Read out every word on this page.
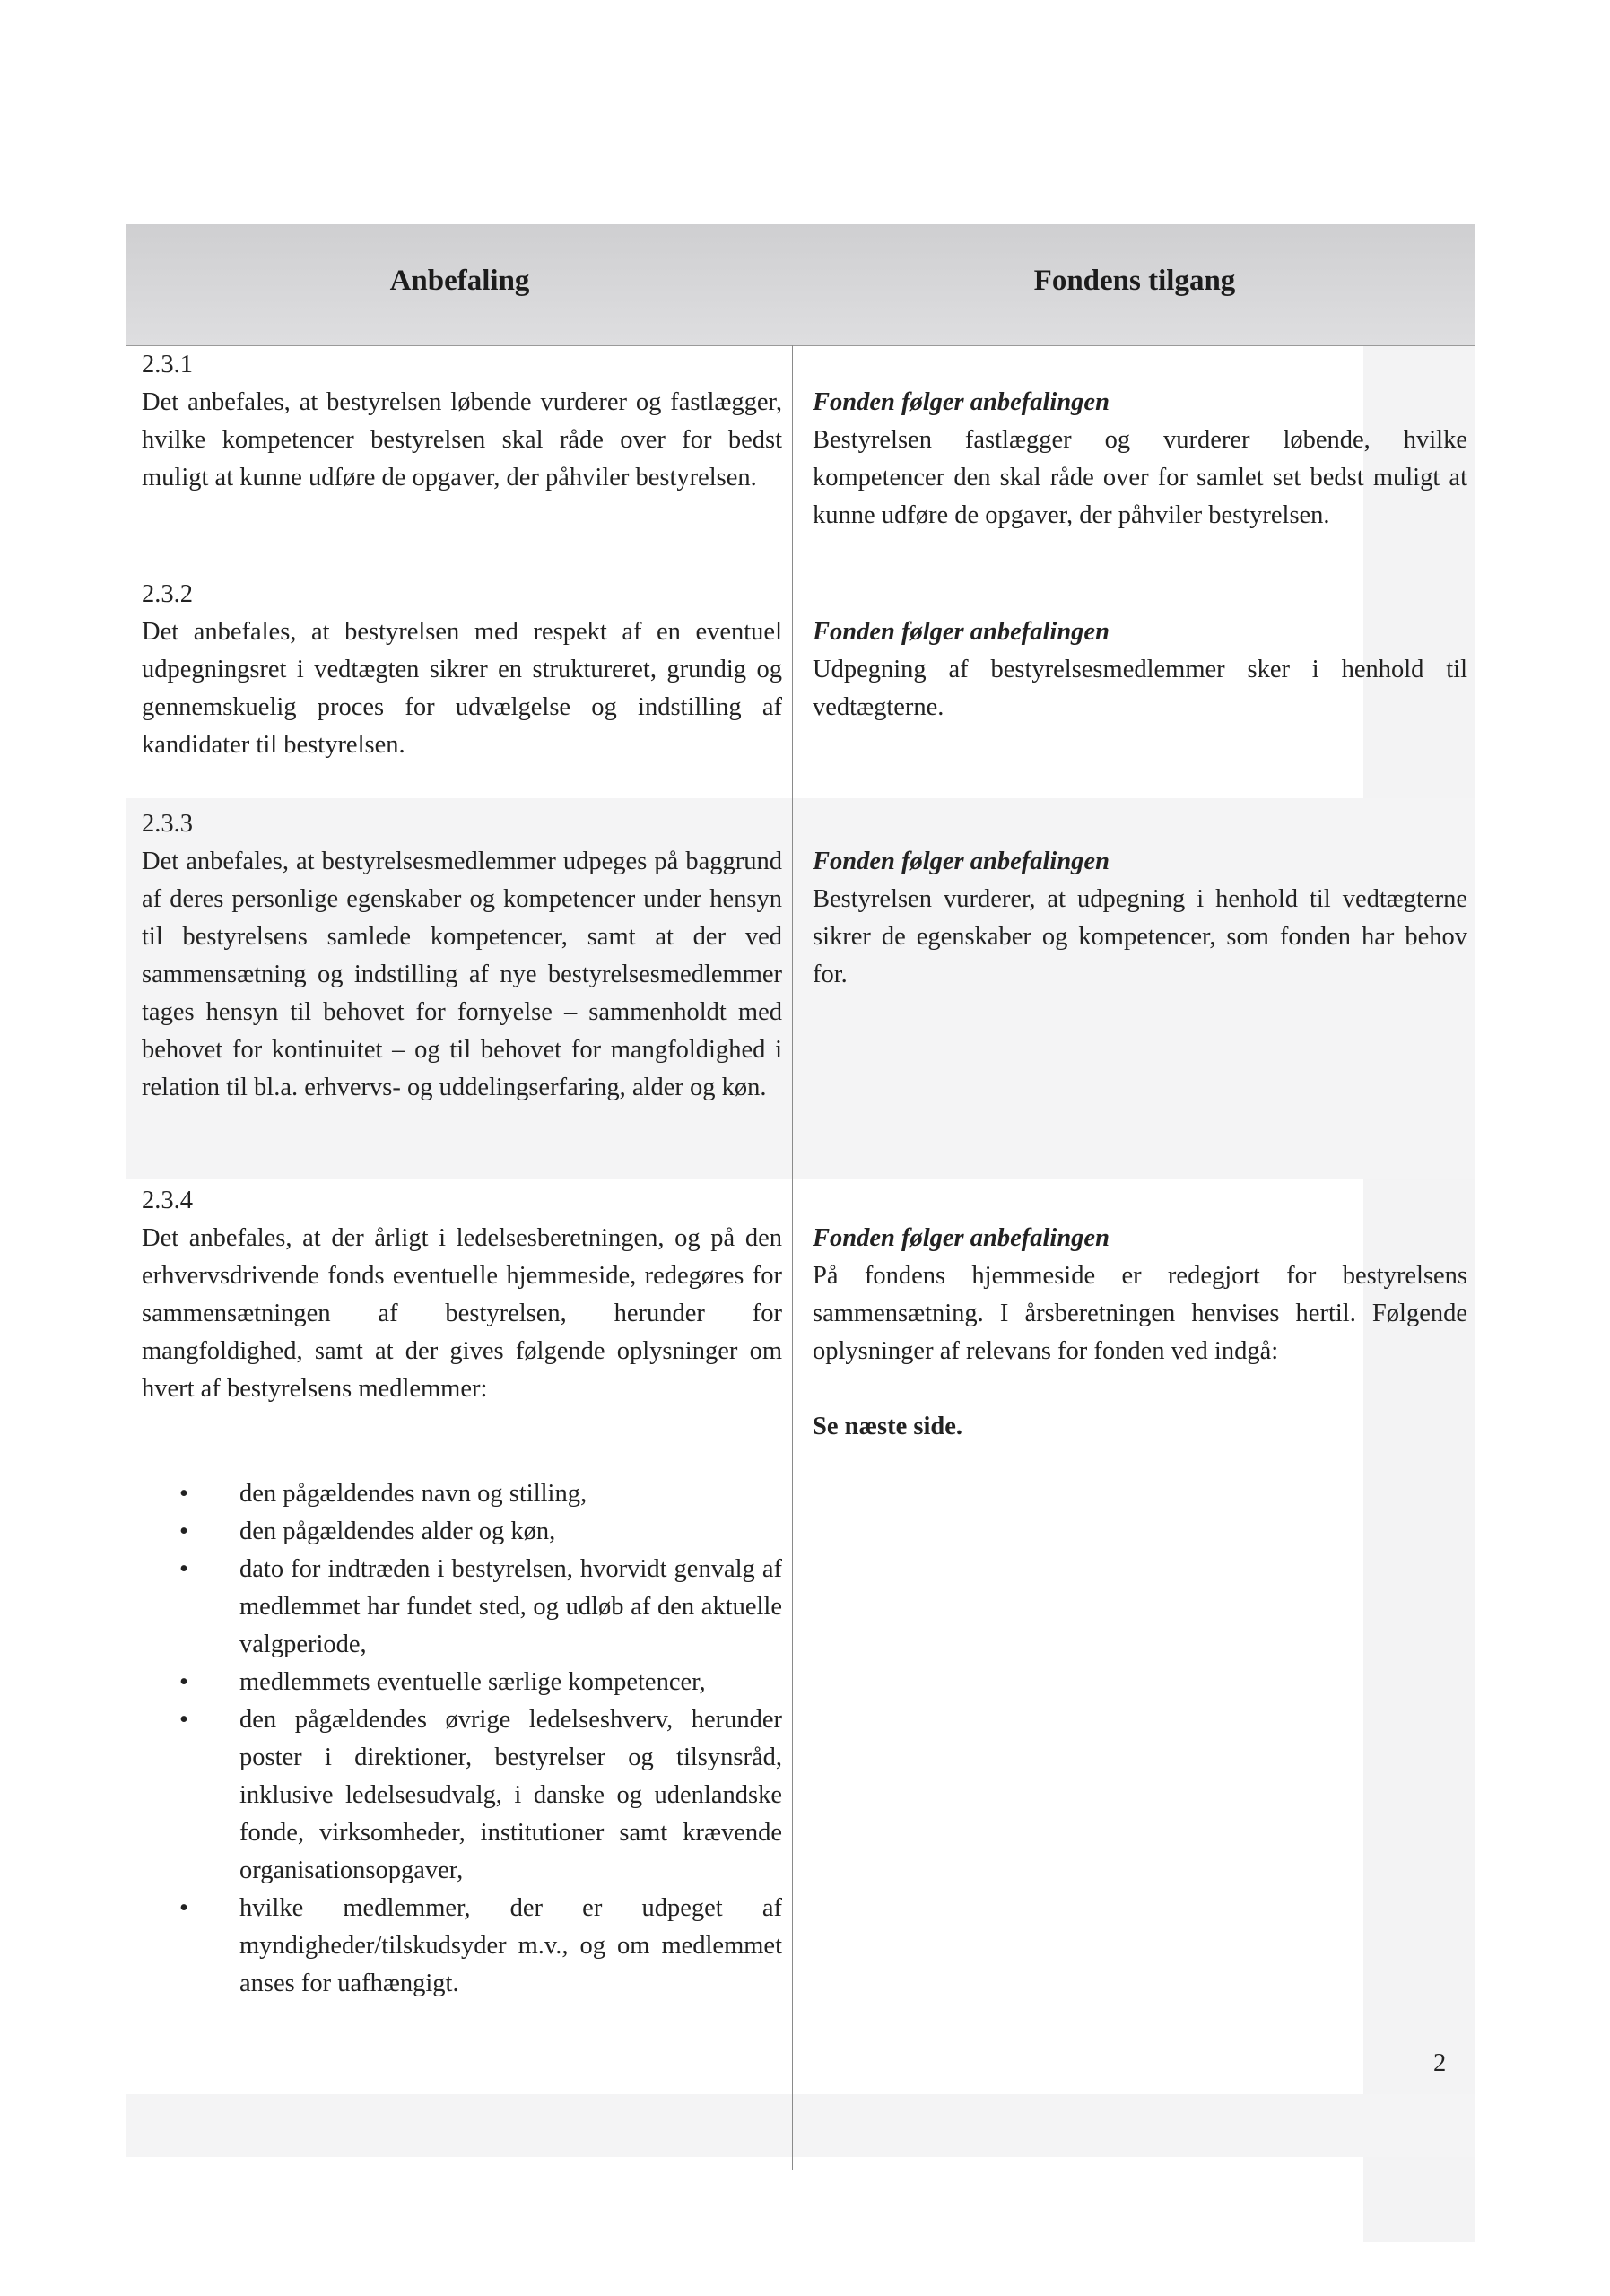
Anbefaling	Fondens tilgang
2.3.1
Det anbefales, at bestyrelsen løbende vurderer og fastlægger, hvilke kompetencer bestyrelsen skal råde over for bedst muligt at kunne udføre de opgaver, der påhviler bestyrelsen.
Fonden følger anbefalingen
Bestyrelsen fastlægger og vurderer løbende, hvilke kompetencer den skal råde over for samlet set bedst muligt at kunne udføre de opgaver, der påhviler bestyrelsen.
2.3.2
Det anbefales, at bestyrelsen med respekt af en eventuel udpegningsret i vedtægten sikrer en struktureret, grundig og gennemskuelig proces for udvælgelse og indstilling af kandidater til bestyrelsen.
Fonden følger anbefalingen
Udpegning af bestyrelsesmedlemmer sker i henhold til vedtægterne.
2.3.3
Det anbefales, at bestyrelsesmedlemmer udpeges på baggrund af deres personlige egenskaber og kompetencer under hensyn til bestyrelsens samlede kompetencer, samt at der ved sammensætning og indstilling af nye bestyrelsesmedlemmer tages hensyn til behovet for fornyelse – sammenholdt med behovet for kontinuitet – og til behovet for mangfoldighed i relation til bl.a. erhvervs- og uddelingserfaring, alder og køn.
Fonden følger anbefalingen
Bestyrelsen vurderer, at udpegning i henhold til vedtægterne sikrer de egenskaber og kompetencer, som fonden har behov for.
2.3.4
Det anbefales, at der årligt i ledelsesberetningen, og på den erhvervsdrivende fonds eventuelle hjemmeside, redegøres for sammensætningen af bestyrelsen, herunder for mangfoldighed, samt at der gives følgende oplysninger om hvert af bestyrelsens medlemmer:
Fonden følger anbefalingen
På fondens hjemmeside er redegjort for bestyrelsens sammensætning. I årsberetningen henvises hertil. Følgende oplysninger af relevans for fonden ved indgå:
Se næste side.
• den pågældendes navn og stilling,
• den pågældendes alder og køn,
• dato for indtræden i bestyrelsen, hvorvidt genvalg af medlemmet har fundet sted, og udløb af den aktuelle valgperiode,
• medlemmets eventuelle særlige kompetencer,
• den pågældendes øvrige ledelseshverv, herunder poster i direktioner, bestyrelser og tilsynsråd, inklusive ledelsesudvalg, i danske og udenlandske fonde, virksomheder, institutioner samt krævende organisationsopgaver,
• hvilke medlemmer, der er udpeget af myndigheder/tilskudsyder m.v., og om medlemmet anses for uafhængigt.
2
